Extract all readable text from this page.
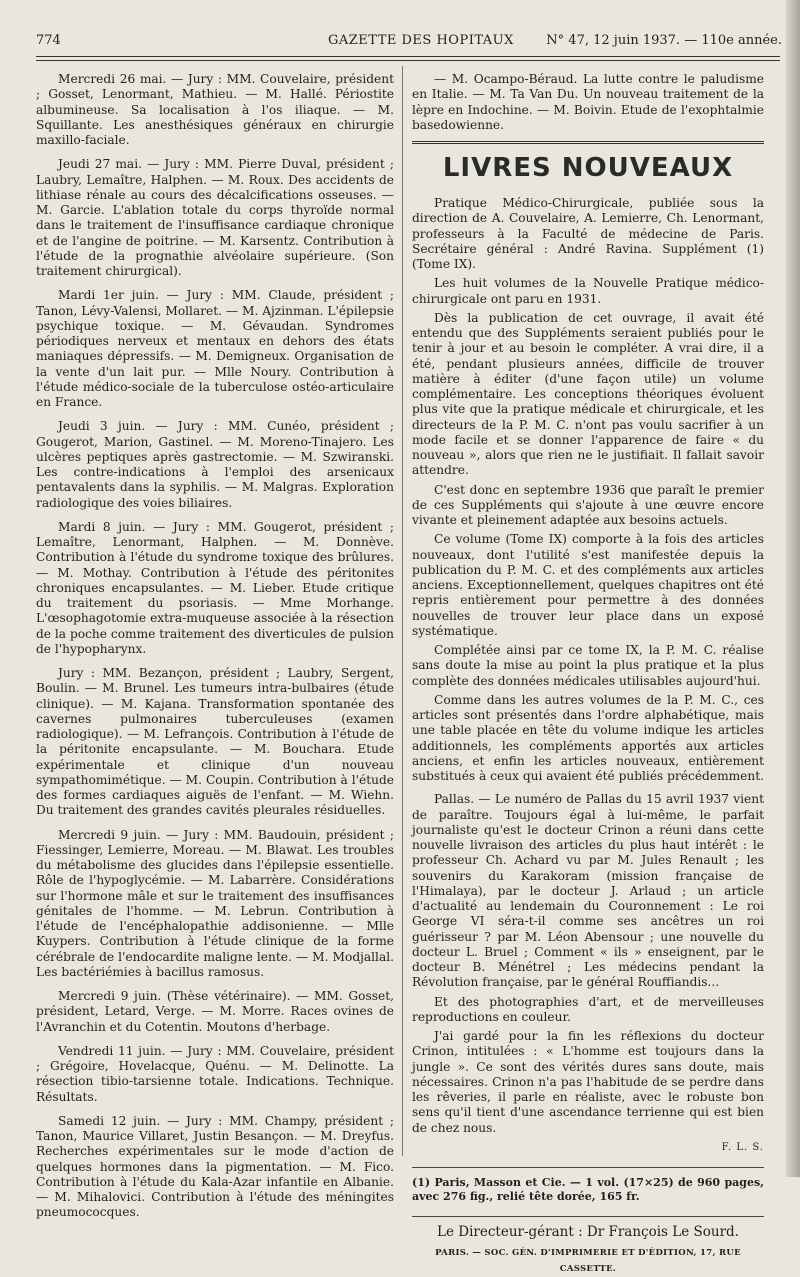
774	GAZETTE DES HOPITAUX N° 47, 12 juin 1937. — 110e année.

Mercredi 26 mai. — Jury : MM. Couvelaire, président ; Gosset, Lenormant, Mathieu. — M. Hallé. Périostite albumineuse. Sa localisation à l'os iliaque. — M. Squillante. Les anesthésiques généraux en chirurgie maxillo-faciale.

Jeudi 27 mai. — Jury : MM. Pierre Duval, président ; Laubry, Lemaître, Halphen. — M. Roux. Des accidents de lithiase rénale au cours des décalcifications osseuses. — M. Garcie. L'ablation totale du corps thyroïde normal dans le traitement de l'insuffisance cardiaque chronique et de l'angine de poitrine. — M. Karsentz. Contribution à l'étude de la prognathie alvéolaire supérieure. (Son traitement chirurgical).

Mardi 1er juin. — Jury : MM. Claude, président ; Tanon, Lévy-Valensi, Mollaret. — M. Ajzinman. L'épilepsie psychique toxique. — M. Gévaudan. Syndromes périodiques nerveux et mentaux en dehors des états maniaques dépressifs. — M. Demigneux. Organisation de la vente d'un lait pur. — Mlle Noury. Contribution à l'étude médico-sociale de la tuberculose ostéo-articulaire en France.

Jeudi 3 juin. — Jury : MM. Cunéo, président ; Gougerot, Marion, Gastinel. — M. Moreno-Tinajero. Les ulcères peptiques après gastrectomie. — M. Szwiranski. Les contre-indications à l'emploi des arsenicaux pentavalents dans la syphilis. — M. Malgras. Exploration radiologique des voies biliaires.

Mardi 8 juin. — Jury : MM. Gougerot, président ; Lemaître, Lenormant, Halphen. — M. Donnève. Contribution à l'étude du syndrome toxique des brûlures. — M. Mothay. Contribution à l'étude des péritonites chroniques encapsulantes. — M. Lieber. Etude critique du traitement du psoriasis. — Mme Morhange. L'œsophagotomie extra-muqueuse associée à la résection de la poche comme traitement des diverticules de pulsion de l'hypopharynx.

Jury : MM. Bezançon, président ; Laubry, Sergent, Boulin. — M. Brunel. Les tumeurs intra-bulbaires (étude clinique). — M. Kajana. Transformation spontanée des cavernes pulmonaires tuberculeuses (examen radiologique). — M. Lefrançois. Contribution à l'étude de la péritonite encapsulante. — M. Bouchara. Etude expérimentale et clinique d'un nouveau sympathomimétique. — M. Coupin. Contribution à l'étude des formes cardiaques aiguës de l'enfant. — M. Wiehn. Du traitement des grandes cavités pleurales résiduelles.

Mercredi 9 juin. — Jury : MM. Baudouin, président ; Fiessinger, Lemierre, Moreau. — M. Blawat. Les troubles du métabolisme des glucides dans l'épilepsie essentielle. Rôle de l'hypoglycémie. — M. Labarrère. Considérations sur l'hormone mâle et sur le traitement des insuffisances génitales de l'homme. — M. Lebrun. Contribution à l'étude de l'encéphalopathie addisonienne. — Mlle Kuypers. Contribution à l'étude clinique de la forme cérébrale de l'endocardite maligne lente. — M. Modjallal. Les bactériémies à bacillus ramosus.

Mercredi 9 juin. (Thèse vétérinaire). — MM. Gosset, président, Letard, Verge. — M. Morre. Races ovines de l'Avranchin et du Cotentin. Moutons d'herbage.

Vendredi 11 juin. — Jury : MM. Couvelaire, président ; Grégoire, Hovelacque, Quénu. — M. Delinotte. La résection tibio-tarsienne totale. Indications. Technique. Résultats.

Samedi 12 juin. — Jury : MM. Champy, président ; Tanon, Maurice Villaret, Justin Besançon. — M. Dreyfus. Recherches expérimentales sur le mode d'action de quelques hormones dans la pigmentation. — M. Fico. Contribution à l'étude du Kala-Azar infantile en Albanie. — M. Mihalovici. Contribution à l'étude des méningites pneumococques.

— M. Ocampo-Béraud. La lutte contre le paludisme en Italie. — M. Ta Van Du. Un nouveau traitement de la lèpre en Indochine. — M. Boivin. Etude de l'exophtalmie basedowienne.

LIVRES NOUVEAUX

Pratique Médico-Chirurgicale, publiée sous la direction de A. Couvelaire, A. Lemierre, Ch. Lenormant, professeurs à la Faculté de médecine de Paris. Secrétaire général : André Ravina. Supplément (1) (Tome IX).

Les huit volumes de la Nouvelle Pratique médico-chirurgicale ont paru en 1931.

Dès la publication de cet ouvrage, il avait été entendu que des Suppléments seraient publiés pour le tenir à jour et au besoin le compléter. A vrai dire, il a été, pendant plusieurs années, difficile de trouver matière à éditer (d'une façon utile) un volume complémentaire. Les conceptions théoriques évoluent plus vite que la pratique médicale et chirurgicale, et les directeurs de la P. M. C. n'ont pas voulu sacrifier à un mode facile et se donner l'apparence de faire « du nouveau », alors que rien ne le justifiait. Il fallait savoir attendre.

C'est donc en septembre 1936 que paraît le premier de ces Suppléments qui s'ajoute à une œuvre encore vivante et pleinement adaptée aux besoins actuels.

Ce volume (Tome IX) comporte à la fois des articles nouveaux, dont l'utilité s'est manifestée depuis la publication du P. M. C. et des compléments aux articles anciens. Exceptionnellement, quelques chapitres ont été repris entièrement pour permettre à des données nouvelles de trouver leur place dans un exposé systématique.

Complétée ainsi par ce tome IX, la P. M. C. réalise sans doute la mise au point la plus pratique et la plus complète des données médicales utilisables aujourd'hui.

Comme dans les autres volumes de la P. M. C., ces articles sont présentés dans l'ordre alphabétique, mais une table placée en tête du volume indique les articles additionnels, les compléments apportés aux articles anciens, et enfin les articles nouveaux, entièrement substitués à ceux qui avaient été publiés précédemment.

Pallas. — Le numéro de Pallas du 15 avril 1937 vient de paraître. Toujours égal à lui-même, le parfait journaliste qu'est le docteur Crinon a réuni dans cette nouvelle livraison des articles du plus haut intérêt : le professeur Ch. Achard vu par M. Jules Renault ; les souvenirs du Karakoram (mission française de l'Himalaya), par le docteur J. Arlaud ; un article d'actualité au lendemain du Couronnement : Le roi George VI séra-t-il comme ses ancêtres un roi guérisseur ? par M. Léon Abensour ; une nouvelle du docteur L. Bruel ; Comment « ils » enseignent, par le docteur B. Ménétrel ; Les médecins pendant la Révolution française, par le général Rouffiandis...

Et des photographies d'art, et de merveilleuses reproductions en couleur.

J'ai gardé pour la fin les réflexions du docteur Crinon, intitulées : « L'homme est toujours dans la jungle ». Ce sont des vérités dures sans doute, mais nécessaires. Crinon n'a pas l'habitude de se perdre dans les rêveries, il parle en réaliste, avec le robuste bon sens qu'il tient d'une ascendance terrienne qui est bien de chez nous.

F. L. S.
(1) Paris, Masson et Cie. — 1 vol. (17×25) de 960 pages, avec 276 fig., relié tête dorée, 165 fr.
Le Directeur-gérant : Dr François Le Sourd.
PARIS. — SOC. GÉN. D'IMPRIMERIE ET D'ÉDITION, 17, RUE CASSETTE.
